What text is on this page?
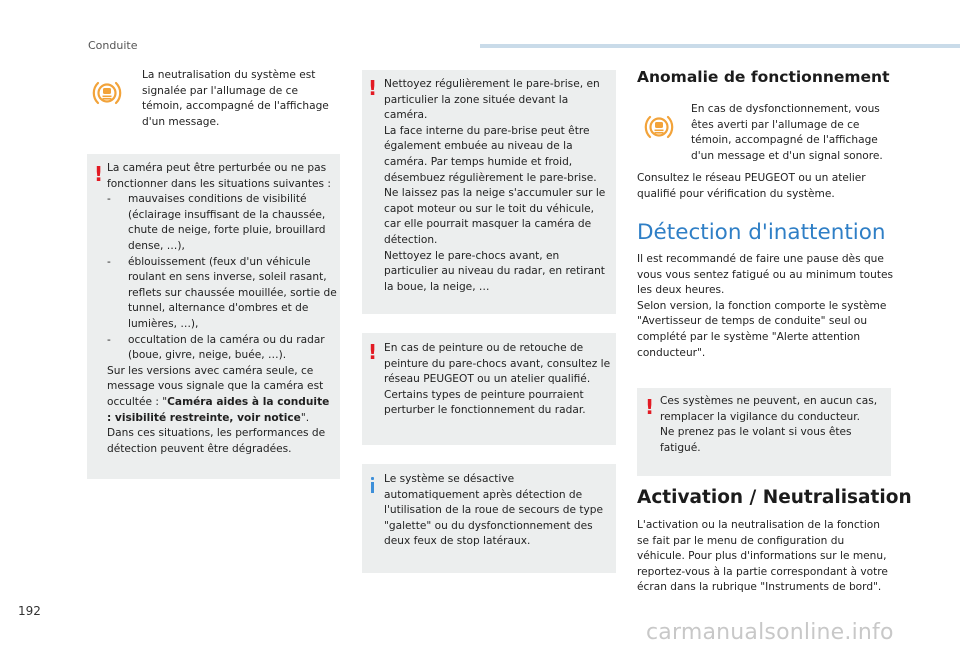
Conduite

La neutralisation du système est signalée par l'allumage de ce témoin, accompagné de l'affichage d'un message.

! La caméra peut être perturbée ou ne pas fonctionner dans les situations suivantes :

- mauvaises conditions de visibilité (éclairage insuffisant de la chaussée, chute de neige, forte pluie, brouillard dense, …),
- éblouissement (feux d'un véhicule roulant en sens inverse, soleil rasant, reflets sur chaussée mouillée, sortie de tunnel, alternance d'ombres et de lumières, …),
- occultation de la caméra ou du radar (boue, givre, neige, buée, …).

Sur les versions avec caméra seule, ce message vous signale que la caméra est occultée : "Caméra aides à la conduite : visibilité restreinte, voir notice".

Dans ces situations, les performances de détection peuvent être dégradées.

! Nettoyez régulièrement le pare-brise, en particulier la zone située devant la caméra.

La face interne du pare-brise peut être également embuée au niveau de la caméra. Par temps humide et froid, désembuez régulièrement le pare-brise.

Ne laissez pas la neige s'accumuler sur le capot moteur ou sur le toit du véhicule, car elle pourrait masquer la caméra de détection.

Nettoyez le pare-chocs avant, en particulier au niveau du radar, en retirant la boue, la neige, …

! En cas de peinture ou de retouche de peinture du pare-chocs avant, consultez le réseau PEUGEOT ou un atelier qualifié. Certains types de peinture pourraient perturber le fonctionnement du radar.

Le système se désactive automatiquement après détection de l'utilisation de la roue de secours de type "galette" ou du dysfonctionnement des deux feux de stop latéraux.

Anomalie de fonctionnement

En cas de dysfonctionnement, vous êtes averti par l'allumage de ce témoin, accompagné de l'affichage d'un message et d'un signal sonore.

Consultez le réseau PEUGEOT ou un atelier qualifié pour vérification du système.

Détection d'inattention

Il est recommandé de faire une pause dès que vous vous sentez fatigué ou au minimum toutes les deux heures.

Selon version, la fonction comporte le système "Avertisseur de temps de conduite" seul ou complété par le système "Alerte attention conducteur".

! Ces systèmes ne peuvent, en aucun cas, remplacer la vigilance du conducteur.

Ne prenez pas le volant si vous êtes fatigué.

Activation / Neutralisation

L'activation ou la neutralisation de la fonction se fait par le menu de configuration du véhicule. Pour plus d'informations sur le menu, reportez-vous à la partie correspondant à votre écran dans la rubrique "Instruments de bord".

192
carmanualsonline.info
